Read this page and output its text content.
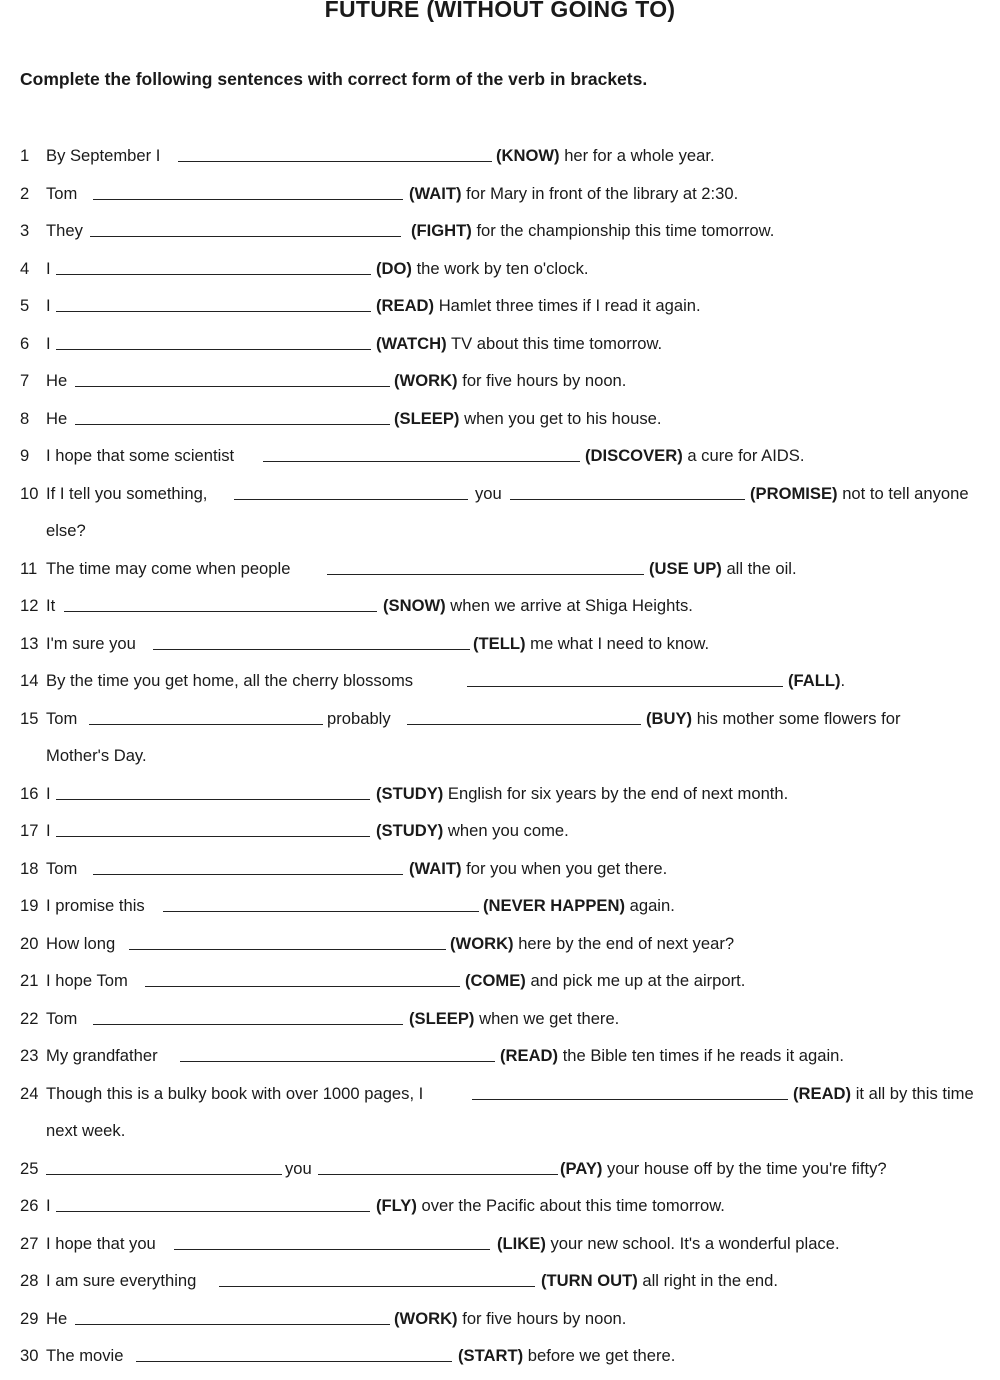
FUTURE (WITHOUT GOING TO)
Complete the following sentences with correct form of the verb in brackets.
1 By September I	(KNOW) her for a whole year.
2 Tom	(WAIT) for Mary in front of the library at 2:30.
3 They	(FIGHT) for the championship this time tomorrow.
4 I	(DO) the work by ten o'clock.
5 I	(READ) Hamlet three times if I read it again.
6 I	(WATCH) TV about this time tomorrow.
7 He	(WORK) for five hours by noon.
8 He	(SLEEP) when you get to his house.
9 I hope that some scientist	(DISCOVER) a cure for AIDS.
10 If I tell you something,	you	(PROMISE) not to tell anyone
else?
11 The time may come when people	(USE UP) all the oil.
12 It	(SNOW) when we arrive at Shiga Heights.
13 I'm sure you	(TELL) me what I need to know.
14 By the time you get home, all the cherry blossoms	(FALL).
15 Tom	probably	(BUY) his mother some flowers for
Mother's Day.
16 I	(STUDY) English for six years by the end of next month.
17 I	(STUDY) when you come.
18 Tom	(WAIT) for you when you get there.
19 I promise this	(NEVER HAPPEN) again.
20 How long	(WORK) here by the end of next year?
21 I hope Tom	(COME) and pick me up at the airport.
22 Tom	(SLEEP) when we get there.
23 My grandfather	(READ) the Bible ten times if he reads it again.
24 Though this is a bulky book with over 1000 pages, I	(READ) it all by this time
next week.
25	you	(PAY) your house off by the time you're fifty?
26 I	(FLY) over the Pacific about this time tomorrow.
27 I hope that you	(LIKE) your new school. It's a wonderful place.
28 I am sure everything	(TURN OUT) all right in the end.
29 He	(WORK) for five hours by noon.
30 The movie	(START) before we get there.
